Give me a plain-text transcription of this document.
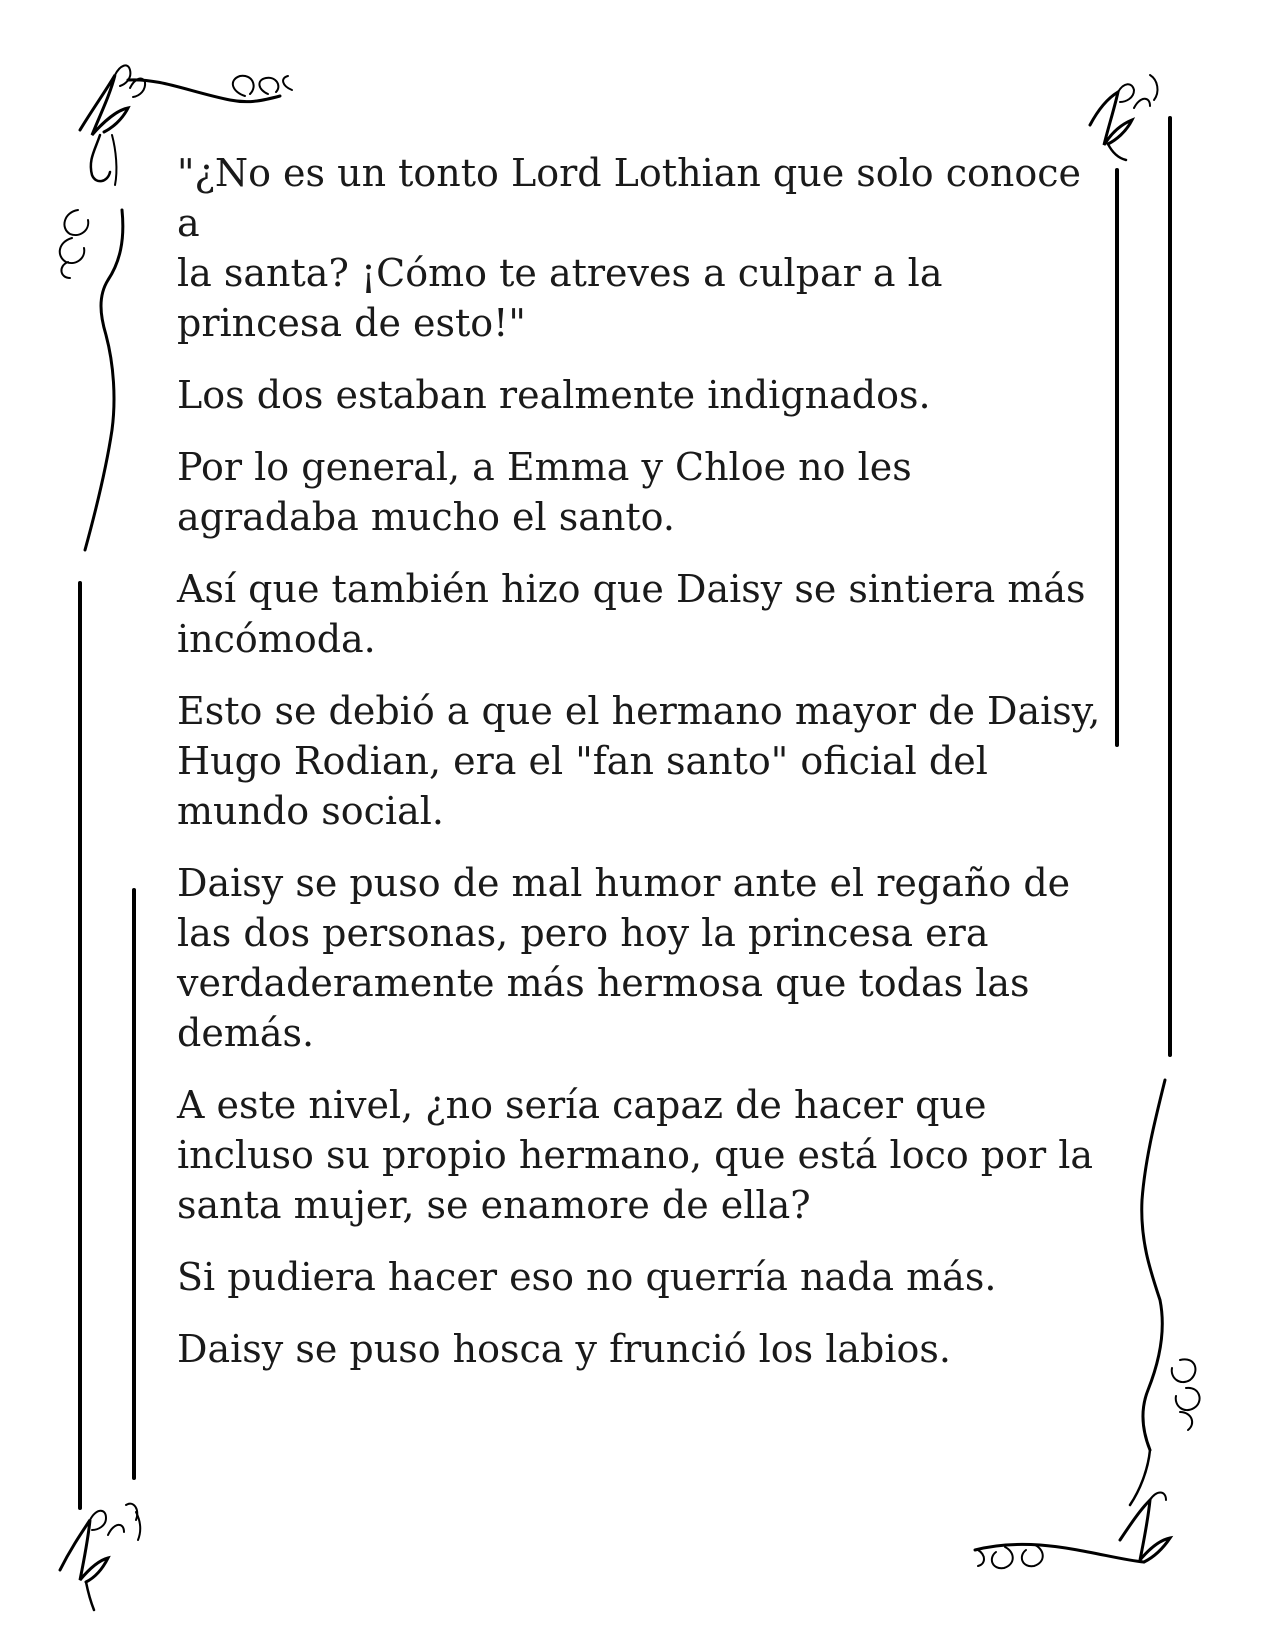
"¿No es un tonto Lord Lothian que solo conoce a
la santa? ¡Cómo te atreves a culpar a la
princesa de esto!"

Los dos estaban realmente indignados.

Por lo general, a Emma y Chloe no les
agradaba mucho el santo.

Así que también hizo que Daisy se sintiera más
incómoda.

Esto se debió a que el hermano mayor de Daisy,
Hugo Rodian, era el "fan santo" oficial del
mundo social.

Daisy se puso de mal humor ante el regaño de
las dos personas, pero hoy la princesa era
verdaderamente más hermosa que todas las
demás.

A este nivel, ¿no sería capaz de hacer que
incluso su propio hermano, que está loco por la
santa mujer, se enamore de ella?

Si pudiera hacer eso no querría nada más.

Daisy se puso hosca y frunció los labios.
